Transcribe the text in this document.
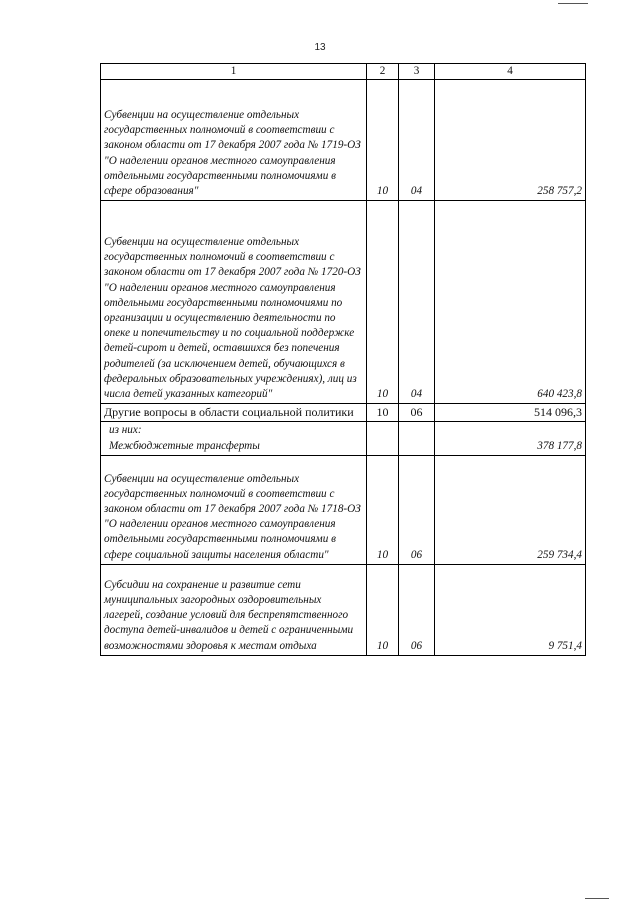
13
1	2	3	4
Субвенции на осуществление отдельных государственных полномочий в соответствии с законом области от 17 декабря 2007 года № 1719-ОЗ "О наделении органов местного самоуправления отдельными государственными полномочиями в сфере образования"	10	04	258 757,2
Субвенции на осуществление отдельных государственных полномочий в соответствии с законом области от 17 декабря 2007 года № 1720-ОЗ "О наделении органов местного самоуправления отдельными государственными полномочиями по организации и осуществлению деятельности по опеке и попечительству и по социальной поддержке детей-сирот и детей, оставшихся без попечения родителей (за исключением детей, обучающихся в федеральных образовательных учреждениях), лиц из числа детей указанных категорий"	10	04	640 423,8
Другие вопросы в области социальной политики	10	06	514 096,3

из них:
Межбюджетные трансферты			378 177,8
Субвенции на осуществление отдельных государственных полномочий в соответствии с законом области от 17 декабря 2007 года № 1718-ОЗ "О наделении органов местного самоуправления отдельными государственными полномочиями в сфере социальной защиты населения области"	10	06	259 734,4
Субсидии на сохранение и развитие сети муниципальных загородных оздоровительных лагерей, создание условий для беспрепятственного доступа детей-инвалидов и детей с ограниченными возможностями здоровья к местам отдыха	10	06	9 751,4
